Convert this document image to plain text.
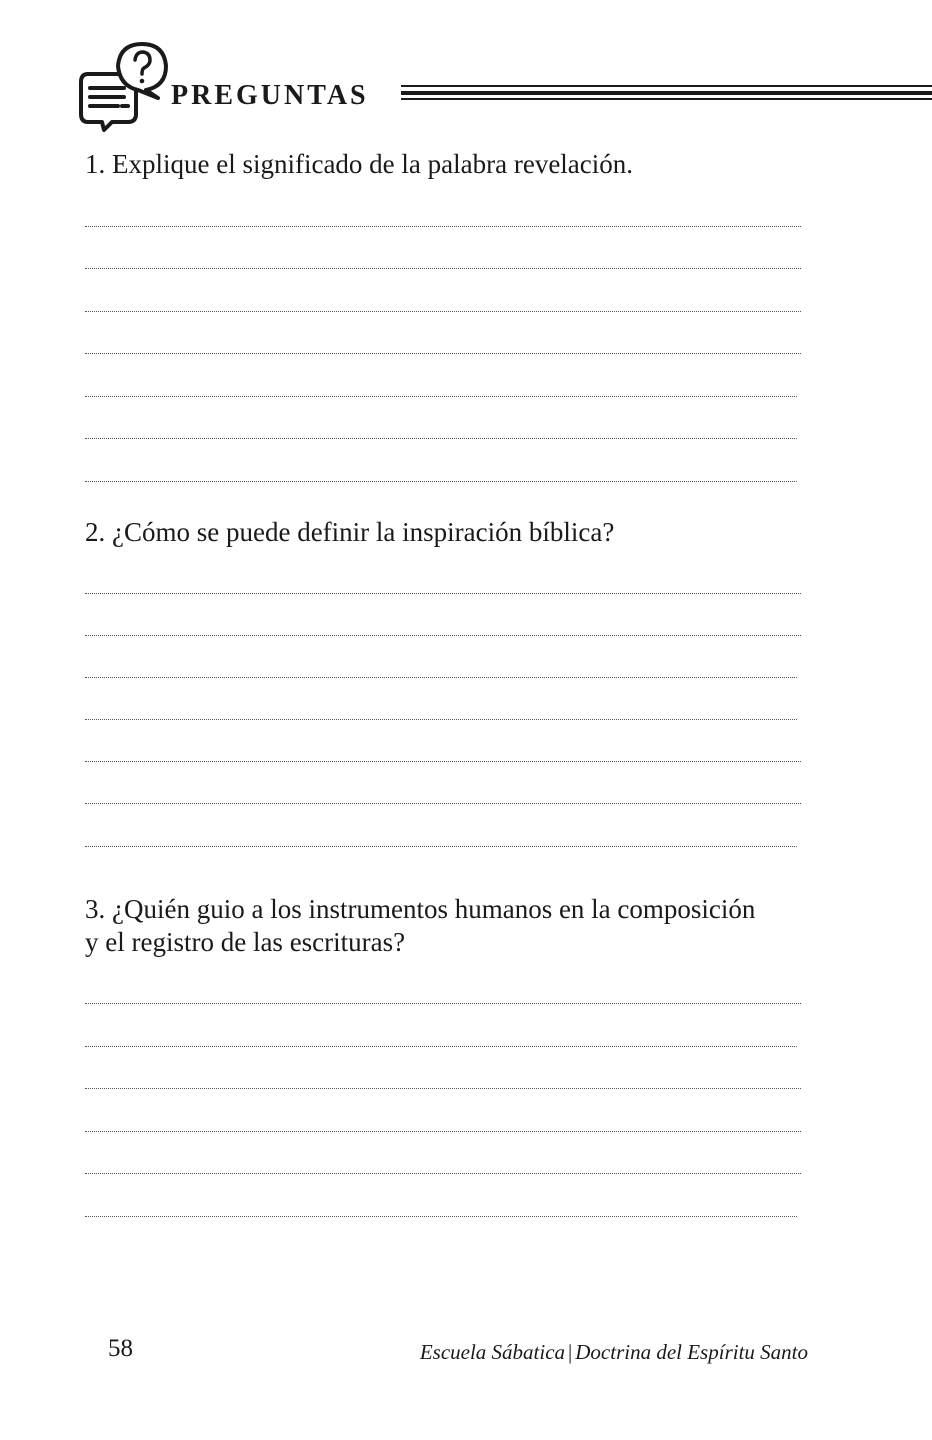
PREGUNTAS

1. Explique el significado de la palabra revelación.

2. ¿Cómo se puede definir la inspiración bíblica?

3. ¿Quién guio a los instrumentos humanos en la composición
y el registro de las escrituras?

58	Escuela Sábatica | Doctrina del Espíritu Santo
